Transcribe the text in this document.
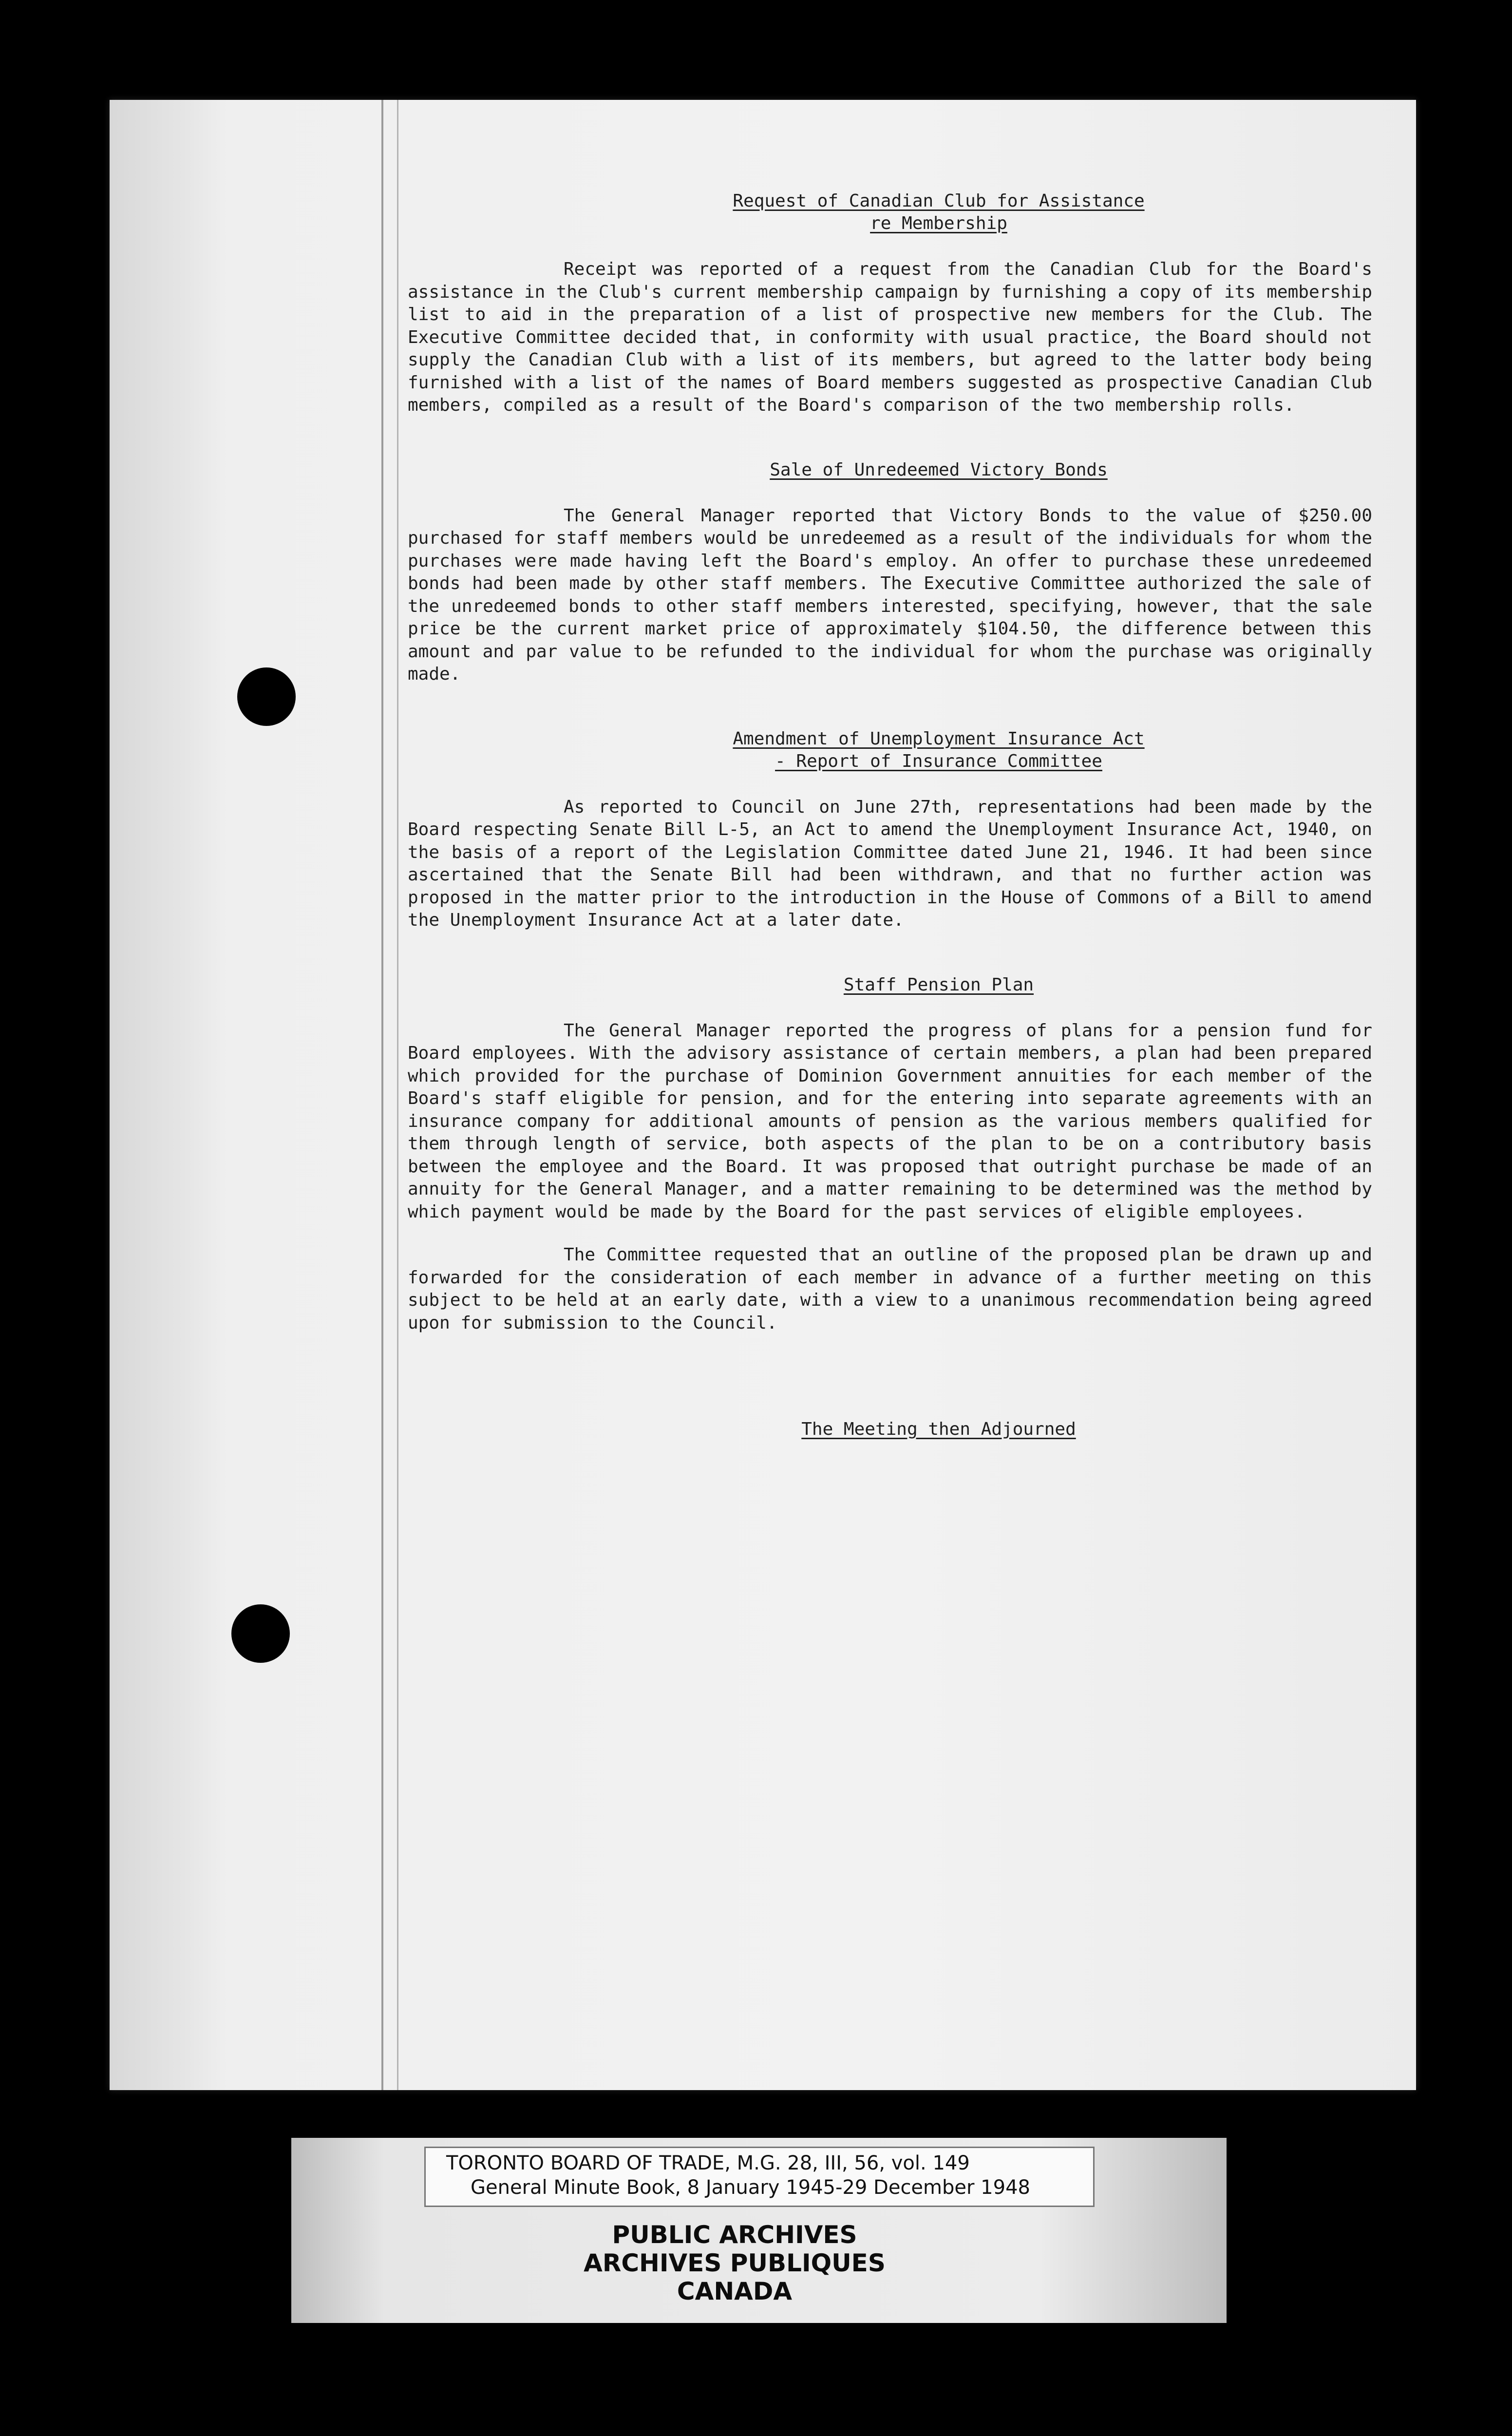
Request of Canadian Club for Assistance

re Membership

Receipt was reported of a request from the Canadian Club for the Board's assistance in the Club's current membership campaign by furnishing a copy of its membership list to aid in the preparation of a list of prospective new members for the Club. The Executive Committee decided that, in conformity with usual practice, the Board should not supply the Canadian Club with a list of its members, but agreed to the latter body being furnished with a list of the names of Board members suggested as prospective Canadian Club members, compiled as a result of the Board's comparison of the two membership rolls.

Sale of Unredeemed Victory Bonds

The General Manager reported that Victory Bonds to the value of $250.00 purchased for staff members would be unredeemed as a result of the individuals for whom the purchases were made having left the Board's employ. An offer to purchase these unredeemed bonds had been made by other staff members. The Executive Committee authorized the sale of the unredeemed bonds to other staff members interested, specifying, however, that the sale price be the current market price of approximately $104.50, the difference between this amount and par value to be refunded to the individual for whom the purchase was originally made.

Amendment of Unemployment Insurance Act

- Report of Insurance Committee

As reported to Council on June 27th, representations had been made by the Board respecting Senate Bill L-5, an Act to amend the Unemployment Insurance Act, 1940, on the basis of a report of the Legislation Committee dated June 21, 1946. It had been since ascertained that the Senate Bill had been withdrawn, and that no further action was proposed in the matter prior to the introduction in the House of Commons of a Bill to amend the Unemployment Insurance Act at a later date.

Staff Pension Plan

The General Manager reported the progress of plans for a pension fund for Board employees. With the advisory assistance of certain members, a plan had been prepared which provided for the purchase of Dominion Government annuities for each member of the Board's staff eligible for pension, and for the entering into separate agreements with an insurance company for additional amounts of pension as the various members qualified for them through length of service, both aspects of the plan to be on a contributory basis between the employee and the Board. It was proposed that outright purchase be made of an annuity for the General Manager, and a matter remaining to be determined was the method by which payment would be made by the Board for the past services of eligible employees.

The Committee requested that an outline of the proposed plan be drawn up and forwarded for the consideration of each member in advance of a further meeting on this subject to be held at an early date, with a view to a unanimous recommendation being agreed upon for submission to the Council.

The Meeting then Adjourned

TORONTO BOARD OF TRADE, M.G. 28, III, 56, vol. 149
General Minute Book, 8 January 1945-29 December 1948
PUBLIC ARCHIVES
ARCHIVES PUBLIQUES
CANADA
